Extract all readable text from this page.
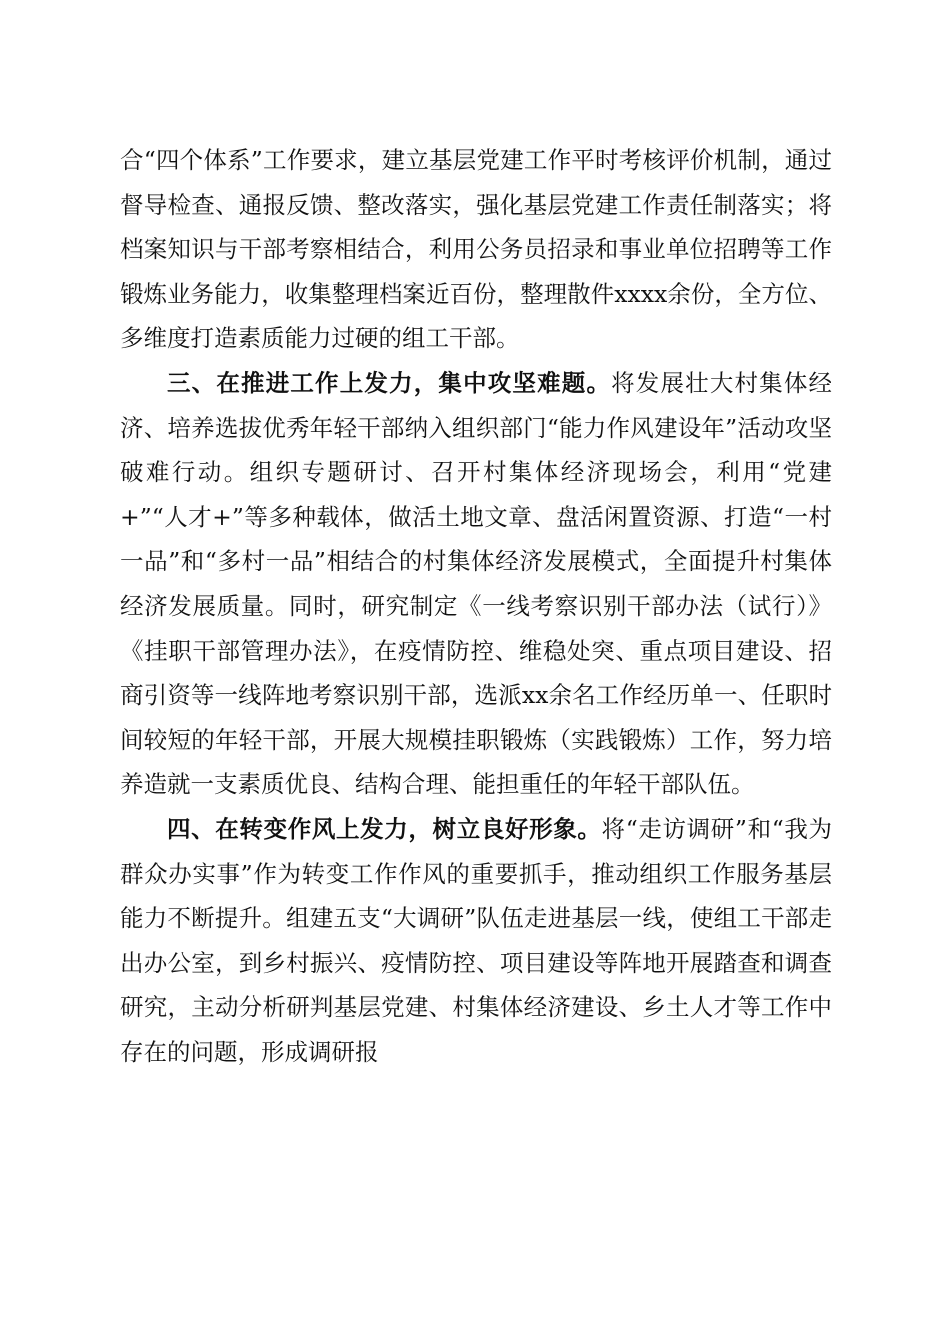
合“四个体系”工作要求，建立基层党建工作平时考核评价机制，通过督导检查、通报反馈、整改落实，强化基层党建工作责任制落实；将档案知识与干部考察相结合，利用公务员招录和事业单位招聘等工作锻炼业务能力，收集整理档案近百份，整理散件xxxx余份，全方位、多维度打造素质能力过硬的组工干部。

三、在推进工作上发力，集中攻坚难题。将发展壮大村集体经济、培养选拔优秀年轻干部纳入组织部门“能力作风建设年”活动攻坚破难行动。组织专题研讨、召开村集体经济现场会，利用“党建+”“人才+”等多种载体，做活土地文章、盘活闲置资源、打造“一村一品”和“多村一品”相结合的村集体经济发展模式，全面提升村集体经济发展质量。同时，研究制定《一线考察识别干部办法（试行）》《挂职干部管理办法》，在疫情防控、维稳处突、重点项目建设、招商引资等一线阵地考察识别干部，选派xx余名工作经历单一、任职时间较短的年轻干部，开展大规模挂职锻炼（实践锻炼）工作，努力培养造就一支素质优良、结构合理、能担重任的年轻干部队伍。

四、在转变作风上发力，树立良好形象。将“走访调研”和“我为群众办实事”作为转变工作作风的重要抓手，推动组织工作服务基层能力不断提升。组建五支“大调研”队伍走进基层一线，使组工干部走出办公室，到乡村振兴、疫情防控、项目建设等阵地开展踏查和调查研究，主动分析研判基层党建、村集体经济建设、乡土人才等工作中存在的问题，形成调研报
